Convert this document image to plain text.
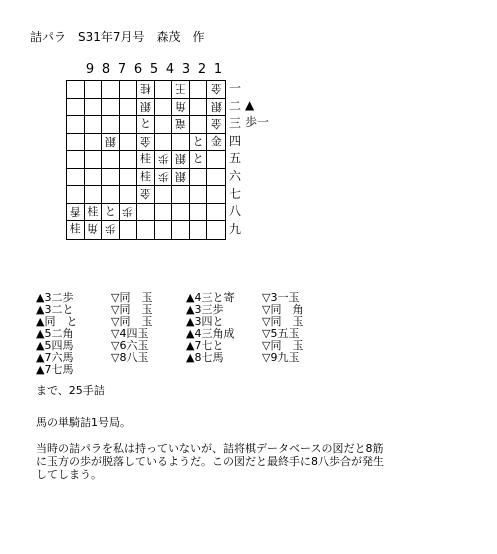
詰パラ　S31年7月号　森茂　作
1
2
3
4
5
6
7
8
9
桂	王	金
銀	角	銀
と	竜	金
銀	金	と 金
桂 歩 銀 と
桂 歩 銀
金
香 桂 と 歩
桂 角 歩
一
二
三
四
五
六
七
八
九
▲
歩一
▲3二歩	▽同　玉	▲4三と寄	▽3一玉
▲3二と	▽同　玉	▲3三歩	▽同　角
▲同　と	▽同　玉	▲3四と	▽同　玉
▲5二角	▽4四玉	▲4三角成	▽5五玉
▲5四馬	▽6六玉	▲7七と	▽同　玉
▲7六馬	▽8八玉	▲8七馬	▽9九玉
▲7七馬
まで、25手詰
馬の単騎詰1号局。
当時の詰パラを私は持っていないが、詰将棋データベースの図だと8筋に玉方の歩が脱落しているようだ。この図だと最終手に8八歩合が発生してしまう。
